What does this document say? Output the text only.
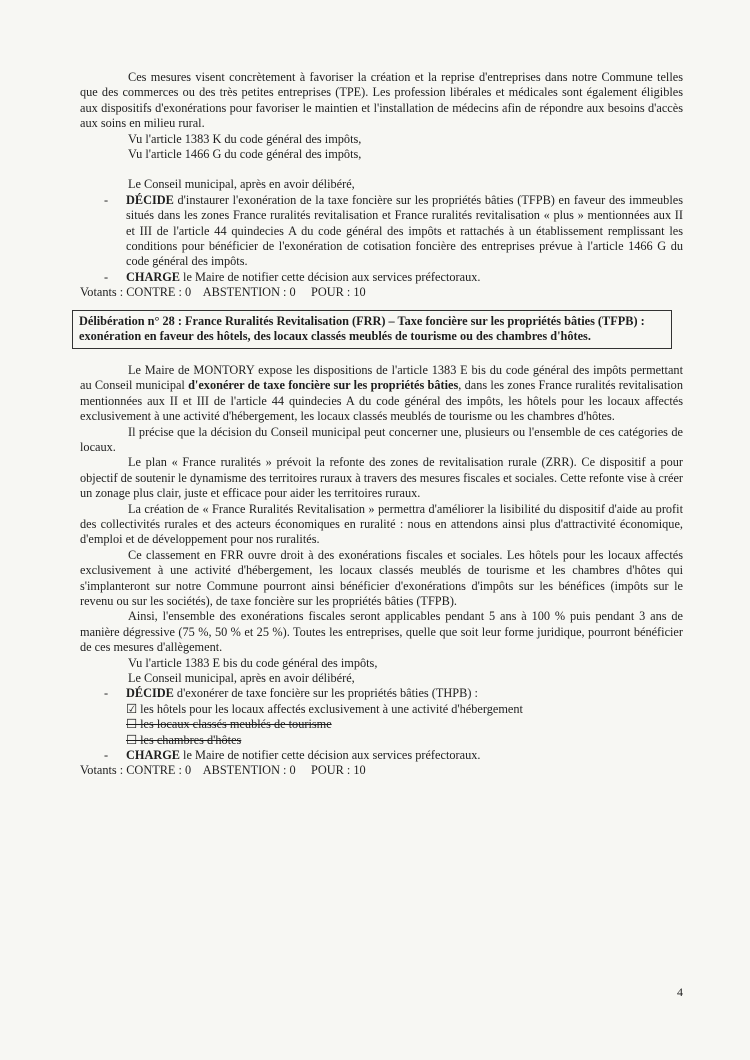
Ces mesures visent concrètement à favoriser la création et la reprise d'entreprises dans notre Commune telles que des commerces ou des très petites entreprises (TPE). Les profession libérales et médicales sont également éligibles aux dispositifs d'exonérations pour favoriser le maintien et l'installation de médecins afin de répondre aux besoins d'accès aux soins en milieu rural.

Vu l'article 1383 K du code général des impôts,

Vu l'article 1466 G du code général des impôts,

Le Conseil municipal, après en avoir délibéré,

- DÉCIDE d'instaurer l'exonération de la taxe foncière sur les propriétés bâties (TFPB) en faveur des immeubles situés dans les zones France ruralités revitalisation et France ruralités revitalisation « plus » mentionnées aux II et III de l'article 44 quindecies A du code général des impôts et rattachés à un établissement remplissant les conditions pour bénéficier de l'exonération de cotisation foncière des entreprises prévue à l'article 1466 G du code général des impôts.
- CHARGE le Maire de notifier cette décision aux services préfectoraux.
Votants : CONTRE : 0    ABSTENTION : 0     POUR : 10
Délibération n° 28 : France Ruralités Revitalisation (FRR) – Taxe foncière sur les propriétés bâties (TFPB) : exonération en faveur des hôtels, des locaux classés meublés de tourisme ou des chambres d'hôtes.

Le Maire de MONTORY expose les dispositions de l'article 1383 E bis du code général des impôts permettant au Conseil municipal d'exonérer de taxe foncière sur les propriétés bâties, dans les zones France ruralités revitalisation mentionnées aux II et III de l'article 44 quindecies A du code général des impôts, les hôtels pour les locaux affectés exclusivement à une activité d'hébergement, les locaux classés meublés de tourisme ou les chambres d'hôtes.

Il précise que la décision du Conseil municipal peut concerner une, plusieurs ou l'ensemble de ces catégories de locaux.

Le plan « France ruralités » prévoit la refonte des zones de revitalisation rurale (ZRR). Ce dispositif a pour objectif de soutenir le dynamisme des territoires ruraux à travers des mesures fiscales et sociales. Cette refonte vise à créer un zonage plus clair, juste et efficace pour aider les territoires ruraux.

La création de « France Ruralités Revitalisation » permettra d'améliorer la lisibilité du dispositif d'aide au profit des collectivités rurales et des acteurs économiques en ruralité : nous en attendons ainsi plus d'attractivité économique, d'emploi et de développement pour nos ruralités.

Ce classement en FRR ouvre droit à des exonérations fiscales et sociales. Les hôtels pour les locaux affectés exclusivement à une activité d'hébergement, les locaux classés meublés de tourisme et les chambres d'hôtes qui s'implanteront sur notre Commune pourront ainsi bénéficier d'exonérations d'impôts sur les bénéfices (impôts sur le revenu ou sur les sociétés), de taxe foncière sur les propriétés bâties (TFPB).

Ainsi, l'ensemble des exonérations fiscales seront applicables pendant 5 ans à 100 % puis pendant 3 ans de manière dégressive (75 %, 50 % et 25 %). Toutes les entreprises, quelle que soit leur forme juridique, pourront bénéficier de ces mesures d'allègement.

Vu l'article 1383 E bis du code général des impôts,

Le Conseil municipal, après en avoir délibéré,

- DÉCIDE d'exonérer de taxe foncière sur les propriétés bâties (THPB) :
☑ les hôtels pour les locaux affectés exclusivement à une activité d'hébergement
☐ les locaux classés meublés de tourisme
☐ les chambres d'hôtes
- CHARGE le Maire de notifier cette décision aux services préfectoraux.
Votants : CONTRE : 0    ABSTENTION : 0     POUR : 10
4
